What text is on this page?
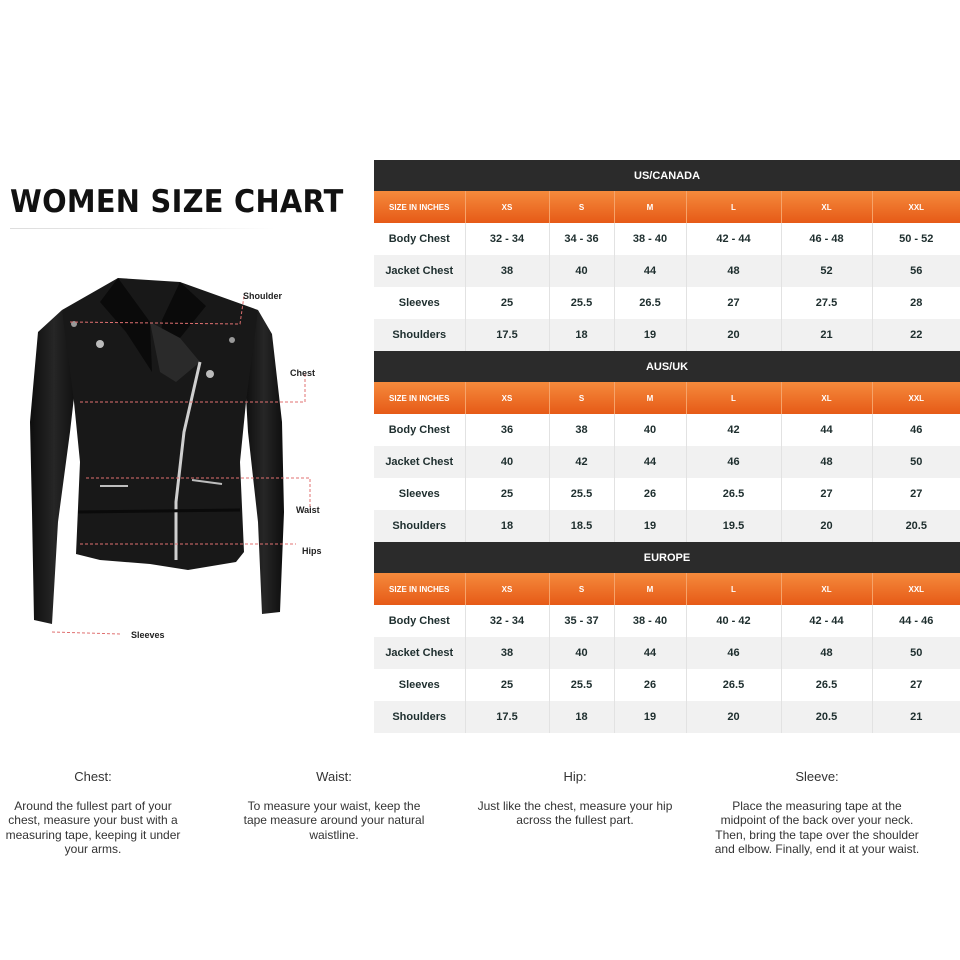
WOMEN SIZE CHART
Shoulder
Chest
Waist
Hips
Sleeves
US/CANADA						
SIZE IN INCHES	XS	S	M	L	XL	XXL
Body Chest	32 - 34	34 - 36	38 - 40	42 - 44	46 - 48	50 - 52
Jacket Chest	38	40	44	48	52	56
Sleeves	25	25.5	26.5	27	27.5	28
Shoulders	17.5	18	19	20	21	22
AUS/UK						
SIZE IN INCHES	XS	S	M	L	XL	XXL
Body Chest	36	38	40	42	44	46
Jacket Chest	40	42	44	46	48	50
Sleeves	25	25.5	26	26.5	27	27
Shoulders	18	18.5	19	19.5	20	20.5
EUROPE						
SIZE IN INCHES	XS	S	M	L	XL	XXL
Body Chest	32 - 34	35 - 37	38 - 40	40 - 42	42 - 44	44 - 46
Jacket Chest	38	40	44	46	48	50
Sleeves	25	25.5	26	26.5	26.5	27
Shoulders	17.5	18	19	20	20.5	21
Chest:
Around the fullest part of your chest, measure your bust with a measuring tape, keeping it under your arms.
Waist:
To measure your waist, keep the tape measure around your natural waistline.
Hip:
Just like the chest, measure your hip across the fullest part.
Sleeve:
Place the measuring tape at the midpoint of the back over your neck. Then, bring the tape over the shoulder and elbow. Finally, end it at your waist.
